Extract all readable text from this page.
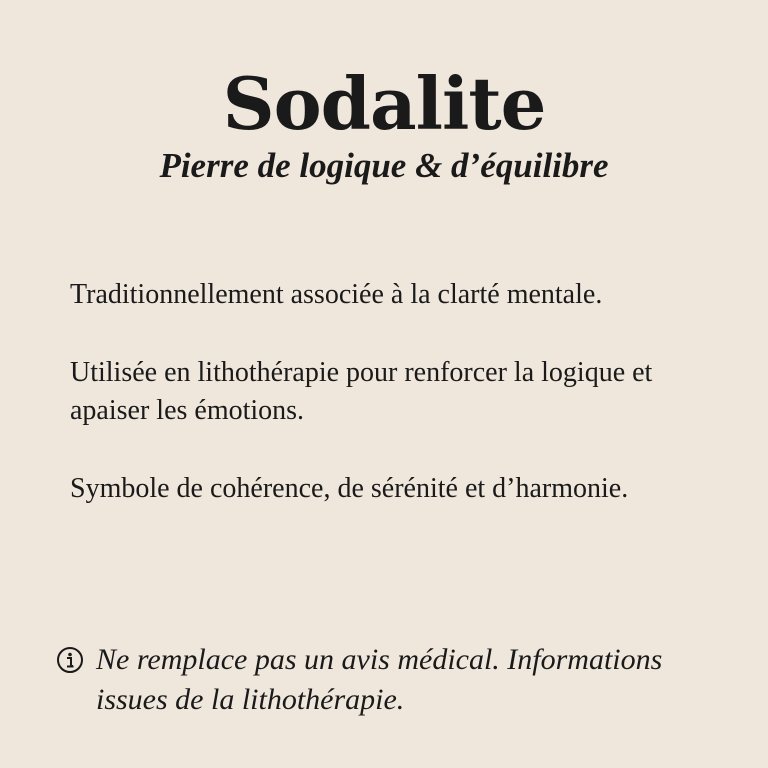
Sodalite
Pierre de logique & d’équilibre

Traditionnellement associée à la clarté mentale.

Utilisée en lithothérapie pour renforcer la logique et apaiser les émotions.

Symbole de cohérence, de sérénité et d’harmonie.

Ne remplace pas un avis médical. Informations issues de la lithothérapie.
